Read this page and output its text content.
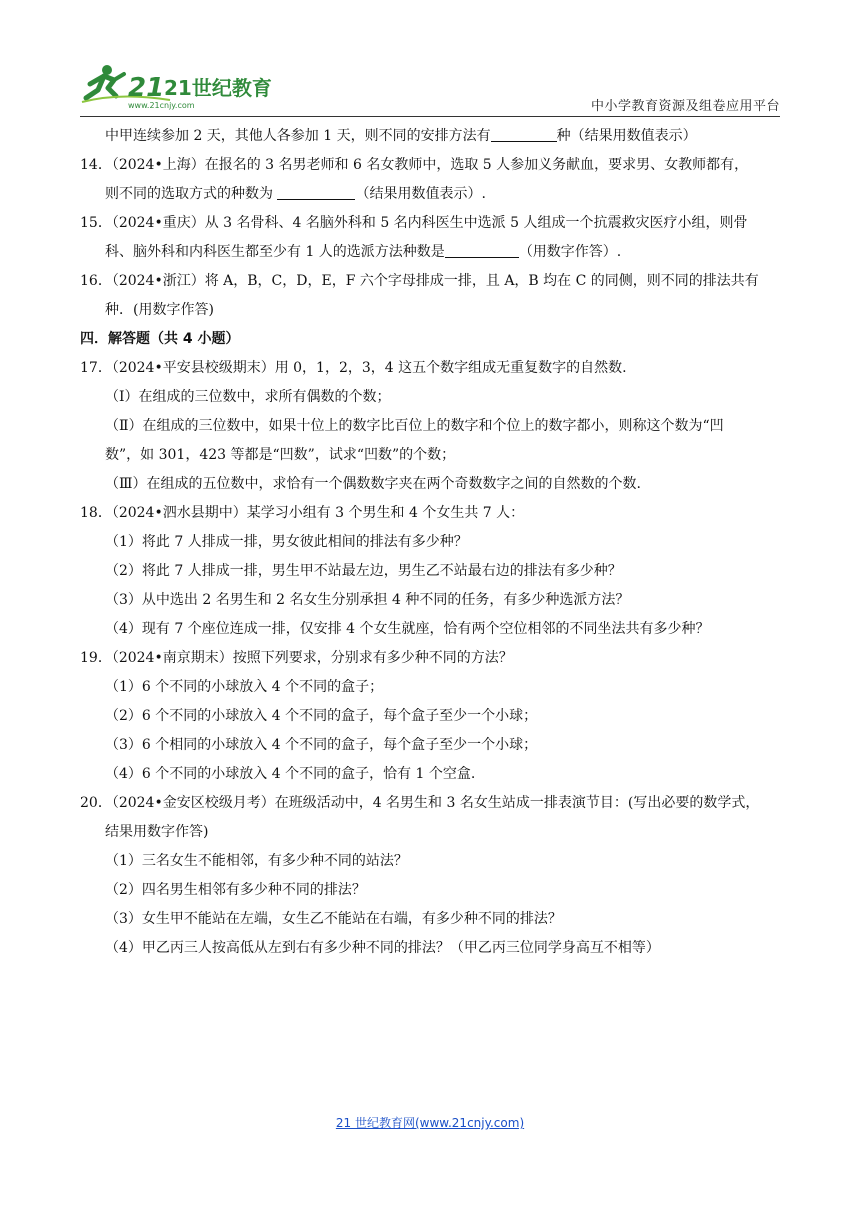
21 21世纪教育
www.21cnjy.com	中小学教育资源及组卷应用平台
中甲连续参加 2 天，其他人各参加 1 天，则不同的安排方法有	种（结果用数值表示）
14．（2024•上海）在报名的 3 名男老师和 6 名女教师中，选取 5 人参加义务献血，要求男、女教师都有，
则不同的选取方式的种数为	（结果用数值表示）.
15．（2024•重庆）从 3 名骨科、4 名脑外科和 5 名内科医生中选派 5 人组成一个抗震救灾医疗小组，则骨
科、脑外科和内科医生都至少有 1 人的选派方法种数是	（用数字作答）.
16．（2024•浙江）将 A，B，C，D，E，F 六个字母排成一排，且 A，B 均在 C 的同侧，则不同的排法共有
种．(用数字作答)
四．解答题（共 4 小题）
17．（2024•平安县校级期末）用 0，1，2，3，4 这五个数字组成无重复数字的自然数.
（Ⅰ）在组成的三位数中，求所有偶数的个数；
（Ⅱ）在组成的三位数中，如果十位上的数字比百位上的数字和个位上的数字都小，则称这个数为“凹
数”，如 301，423 等都是“凹数”，试求“凹数”的个数；
（Ⅲ）在组成的五位数中，求恰有一个偶数数字夹在两个奇数数字之间的自然数的个数.
18．（2024•泗水县期中）某学习小组有 3 个男生和 4 个女生共 7 人：
（1）将此 7 人排成一排，男女彼此相间的排法有多少种？
（2）将此 7 人排成一排，男生甲不站最左边，男生乙不站最右边的排法有多少种？
（3）从中选出 2 名男生和 2 名女生分别承担 4 种不同的任务，有多少种选派方法？
（4）现有 7 个座位连成一排，仅安排 4 个女生就座，恰有两个空位相邻的不同坐法共有多少种？
19．（2024•南京期末）按照下列要求，分别求有多少种不同的方法？
（1）6 个不同的小球放入 4 个不同的盒子；
（2）6 个不同的小球放入 4 个不同的盒子，每个盒子至少一个小球；
（3）6 个相同的小球放入 4 个不同的盒子，每个盒子至少一个小球；
（4）6 个不同的小球放入 4 个不同的盒子，恰有 1 个空盒.
20．（2024•金安区校级月考）在班级活动中，4 名男生和 3 名女生站成一排表演节目：(写出必要的数学式，
结果用数字作答)
（1）三名女生不能相邻，有多少种不同的站法？
（2）四名男生相邻有多少种不同的排法？
（3）女生甲不能站在左端，女生乙不能站在右端，有多少种不同的排法？
（4）甲乙丙三人按高低从左到右有多少种不同的排法？（甲乙丙三位同学身高互不相等）
21 世纪教育网(www.21cnjy.com)
